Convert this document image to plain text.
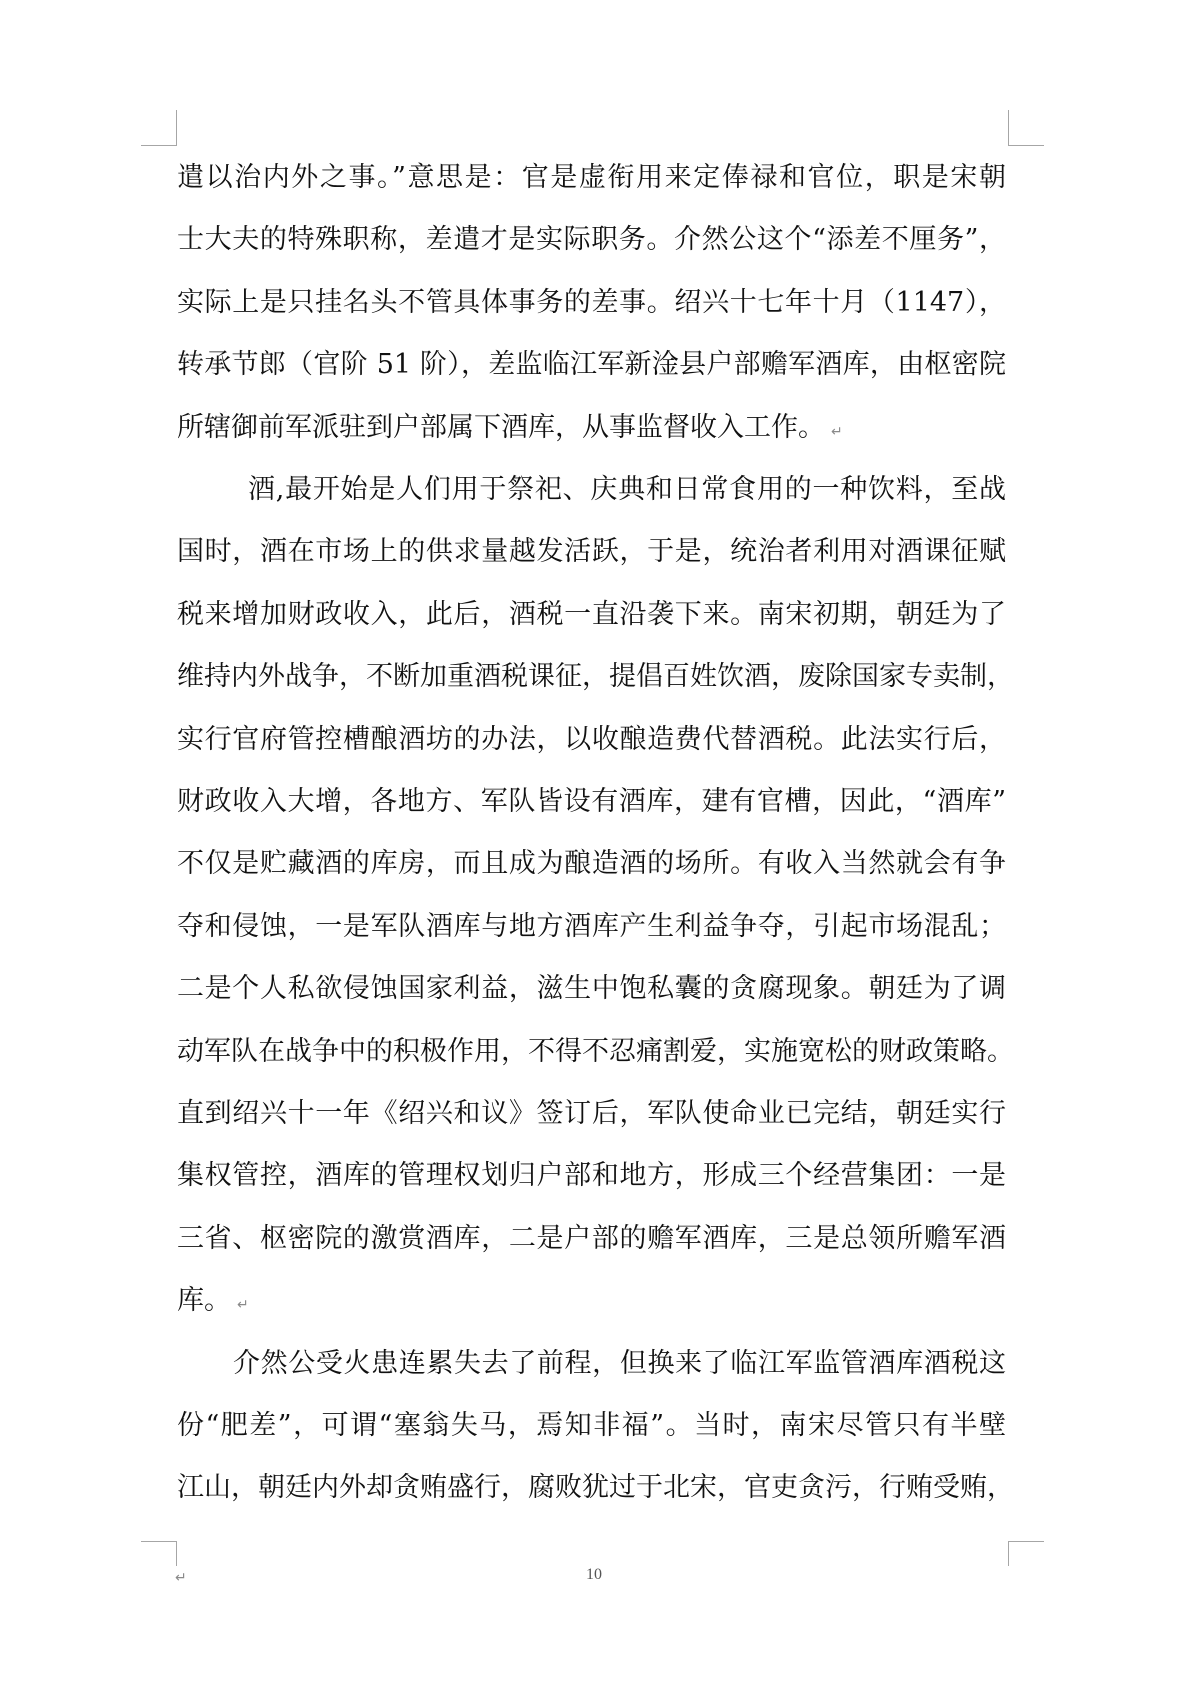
遣以治内外之事。”意思是：官是虚衔用来定俸禄和官位，职是宋朝
士大夫的特殊职称，差遣才是实际职务。介然公这个“添差不厘务”，
实际上是只挂名头不管具体事务的差事。绍兴十七年十月（1147），
转承节郎（官阶 51 阶），差监临江军新淦县户部赡军酒库，由枢密院
所辖御前军派驻到户部属下酒库，从事监督收入工作。 ↵
酒,最开始是人们用于祭祀、庆典和日常食用的一种饮料，至战
国时，酒在市场上的供求量越发活跃，于是，统治者利用对酒课征赋
税来增加财政收入，此后，酒税一直沿袭下来。南宋初期，朝廷为了
维持内外战争，不断加重酒税课征，提倡百姓饮酒，废除国家专卖制，
实行官府管控槽酿酒坊的办法，以收酿造费代替酒税。此法实行后，
财政收入大增，各地方、军队皆设有酒库，建有官槽，因此，“酒库”
不仅是贮藏酒的库房，而且成为酿造酒的场所。有收入当然就会有争
夺和侵蚀，一是军队酒库与地方酒库产生利益争夺，引起市场混乱；
二是个人私欲侵蚀国家利益，滋生中饱私囊的贪腐现象。朝廷为了调
动军队在战争中的积极作用，不得不忍痛割爱，实施宽松的财政策略。
直到绍兴十一年《绍兴和议》签订后，军队使命业已完结，朝廷实行
集权管控，酒库的管理权划归户部和地方，形成三个经营集团：一是
三省、枢密院的激赏酒库，二是户部的赡军酒库，三是总领所赡军酒
库。 ↵
介然公受火患连累失去了前程，但换来了临江军监管酒库酒税这
份“肥差”，可谓“塞翁失马，焉知非福”。当时，南宋尽管只有半壁
江山，朝廷内外却贪贿盛行，腐败犹过于北宋，官吏贪污，行贿受贿，
↵	10
